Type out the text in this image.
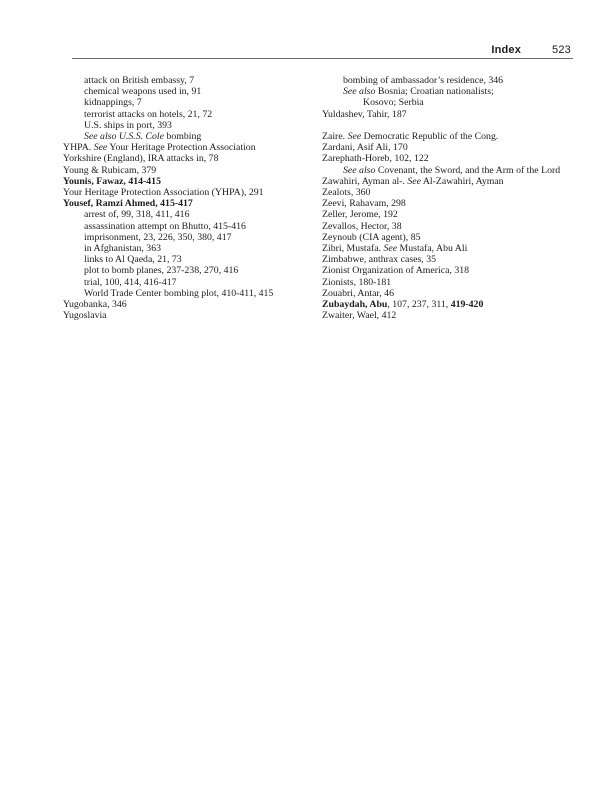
Index	523
attack on British embassy, 7
chemical weapons used in, 91
kidnappings, 7
terrorist attacks on hotels, 21, 72
U.S. ships in port, 393
See also U.S.S. Cole bombing
YHPA. See Your Heritage Protection Association
Yorkshire (England), IRA attacks in, 78
Young & Rubicam, 379
Younis, Fawaz, 414-415
Your Heritage Protection Association (YHPA), 291
Yousef, Ramzi Ahmed, 415-417
arrest of, 99, 318, 411, 416
assassination attempt on Bhutto, 415-416
imprisonment, 23, 226, 350, 380, 417
in Afghanistan, 363
links to Al Qaeda, 21, 73
plot to bomb planes, 237-238, 270, 416
trial, 100, 414, 416-417
World Trade Center bombing plot, 410-411, 415
Yugobanka, 346
Yugoslavia
bombing of ambassador’s residence, 346
See also Bosnia; Croatian nationalists;
Kosovo; Serbia
Yuldashev, Tahir, 187
Zaire. See Democratic Republic of the Cong.
Zardani, Asif Ali, 170
Zarephath-Horeb, 102, 122
See also Covenant, the Sword, and the Arm of the Lord
Zawahiri, Ayman al-. See Al-Zawahiri, Ayman
Zealots, 360
Zeevi, Rahavam, 298
Zeller, Jerome, 192
Zevallos, Hector, 38
Zeynoub (CIA agent), 85
Zibri, Mustafa. See Mustafa, Abu Ali
Zimbabwe, anthrax cases, 35
Zionist Organization of America, 318
Zionists, 180-181
Zouabri, Antar, 46
Zubaydah, Abu, 107, 237, 311, 419-420
Zwaiter, Wael, 412
